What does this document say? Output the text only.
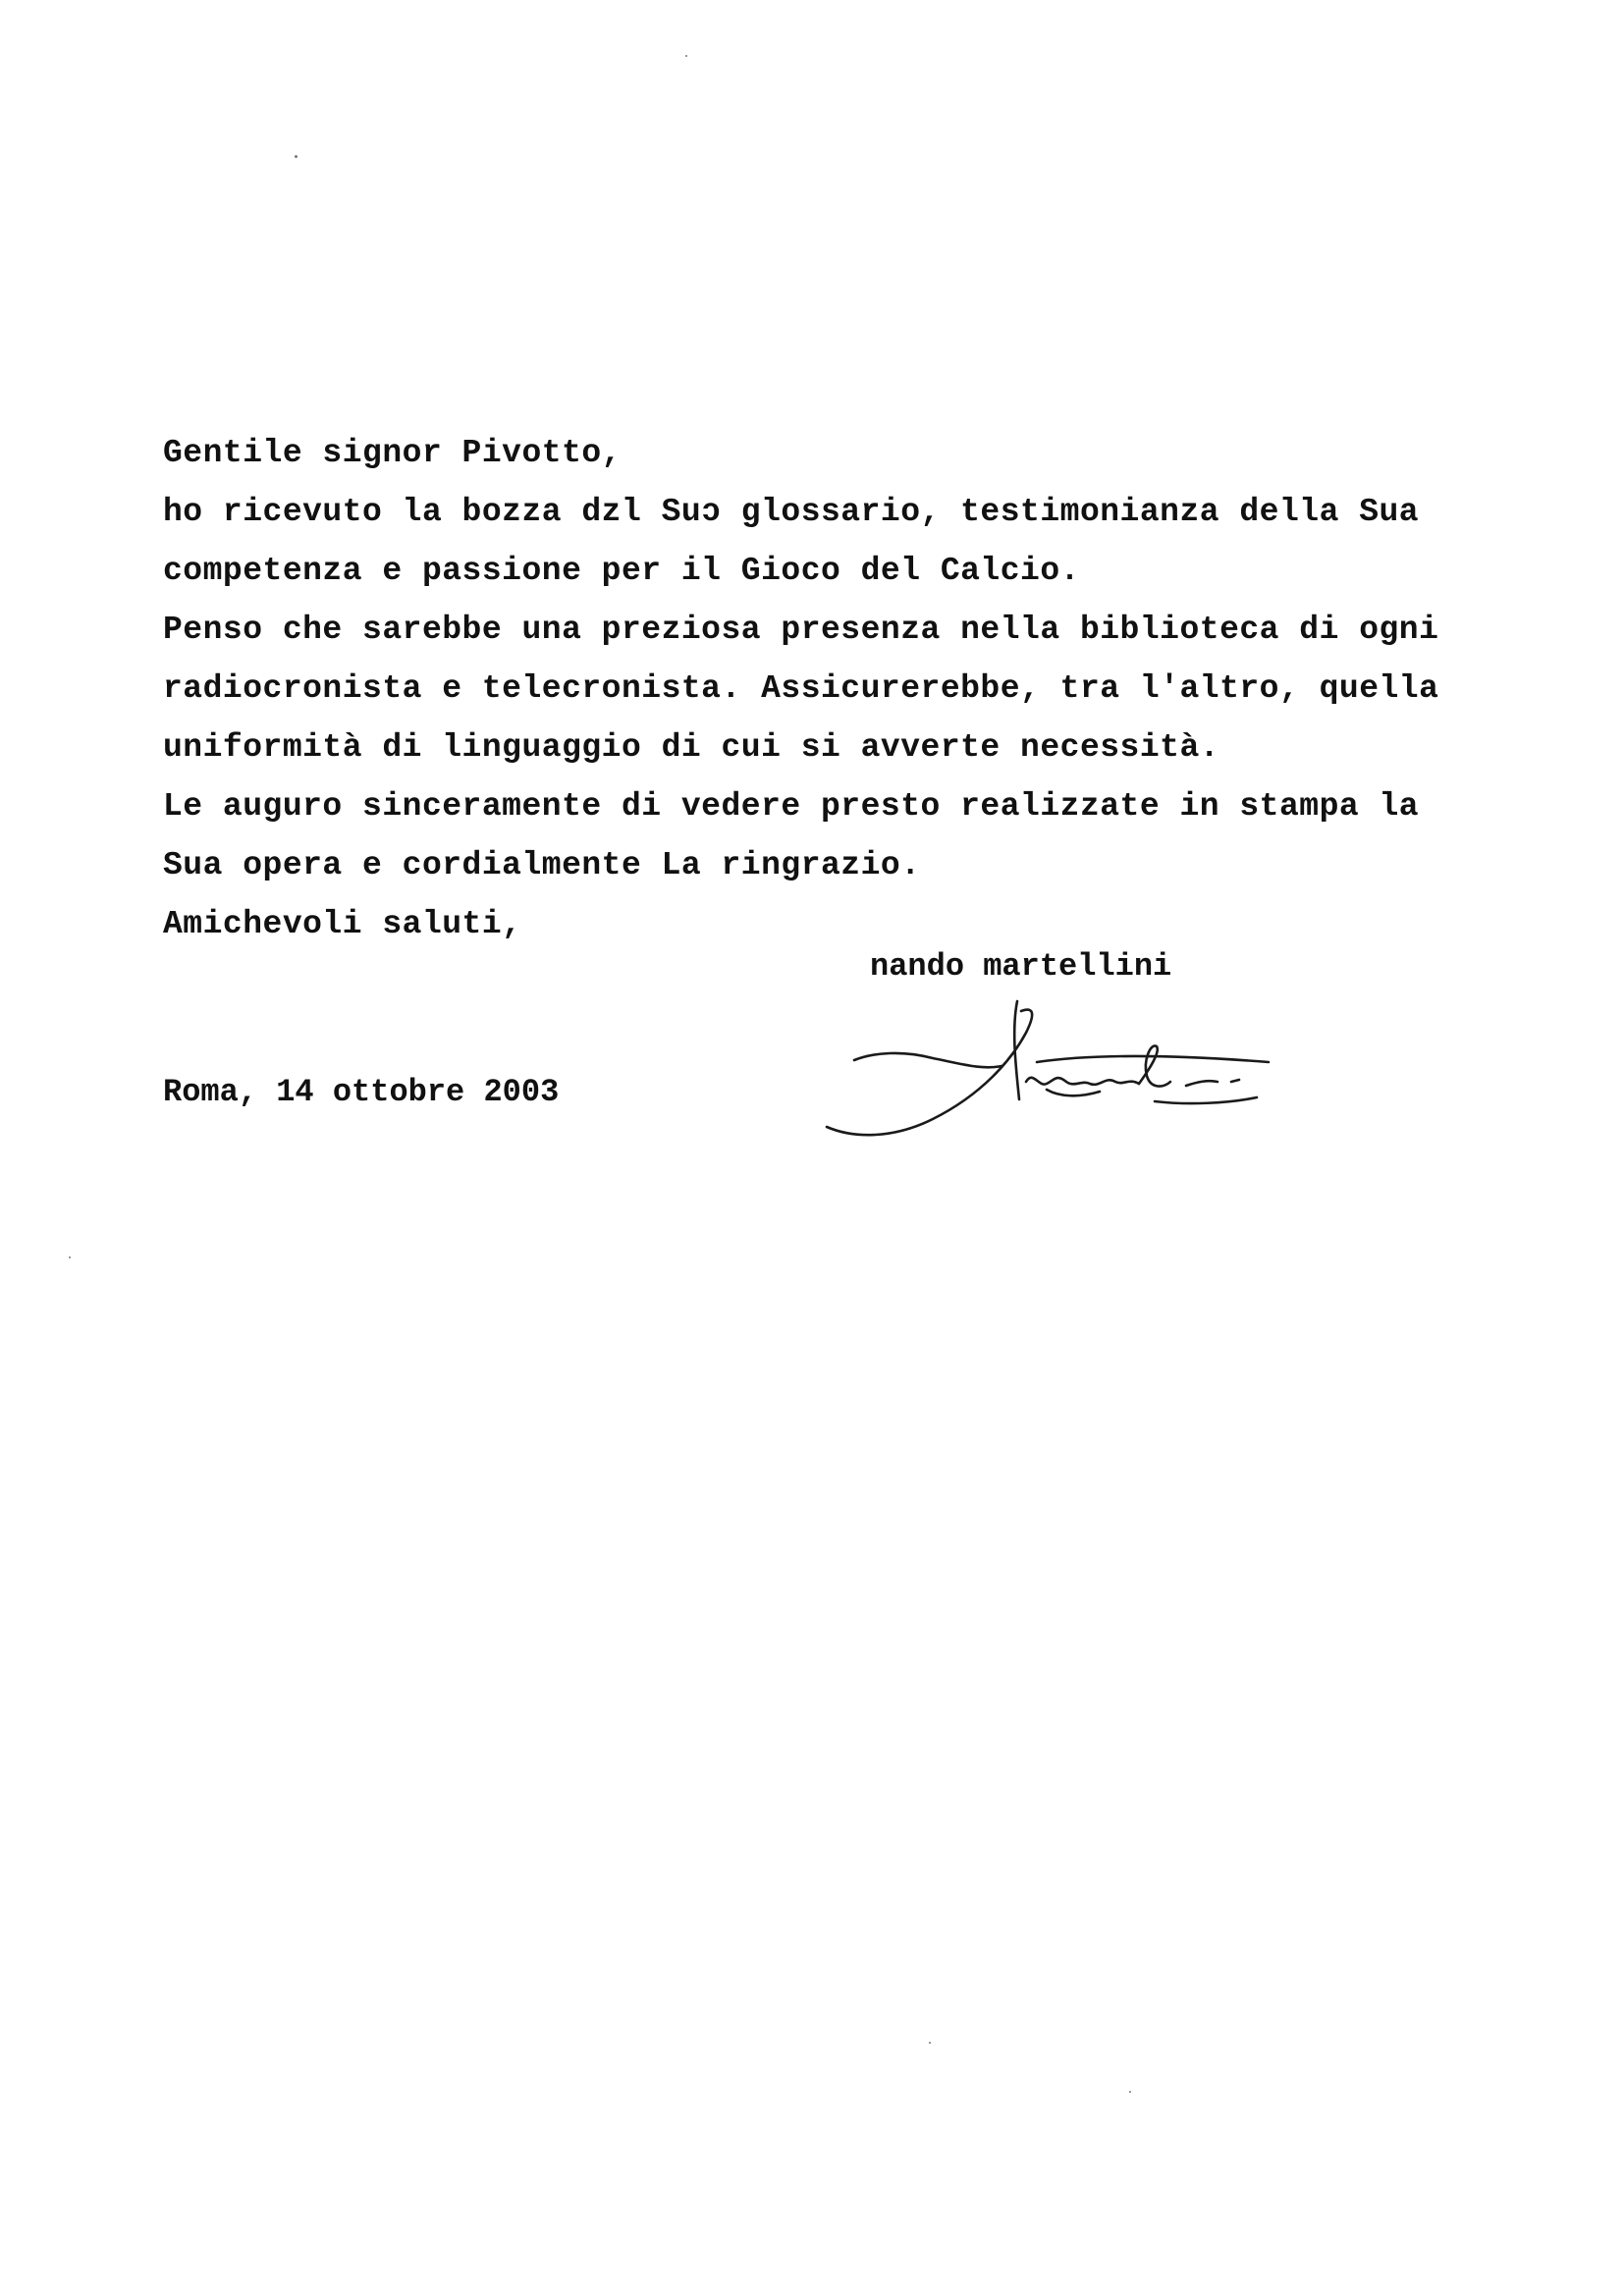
Gentile signor Pivotto,
ho ricevuto la bozza dzl Suɔ glossario, testimonianza della Sua
competenza e passione per il Gioco del Calcio.
Penso che sarebbe una preziosa presenza nella biblioteca di ogni
radiocronista e telecronista. Assicurerebbe, tra l'altro, quella
uniformità di linguaggio di cui si avverte necessità.
Le auguro sinceramente di vedere presto realizzate in stampa la
Sua opera e cordialmente La ringrazio.
Amichevoli saluti,
nando martellini
Roma, 14 ottobre 2003
